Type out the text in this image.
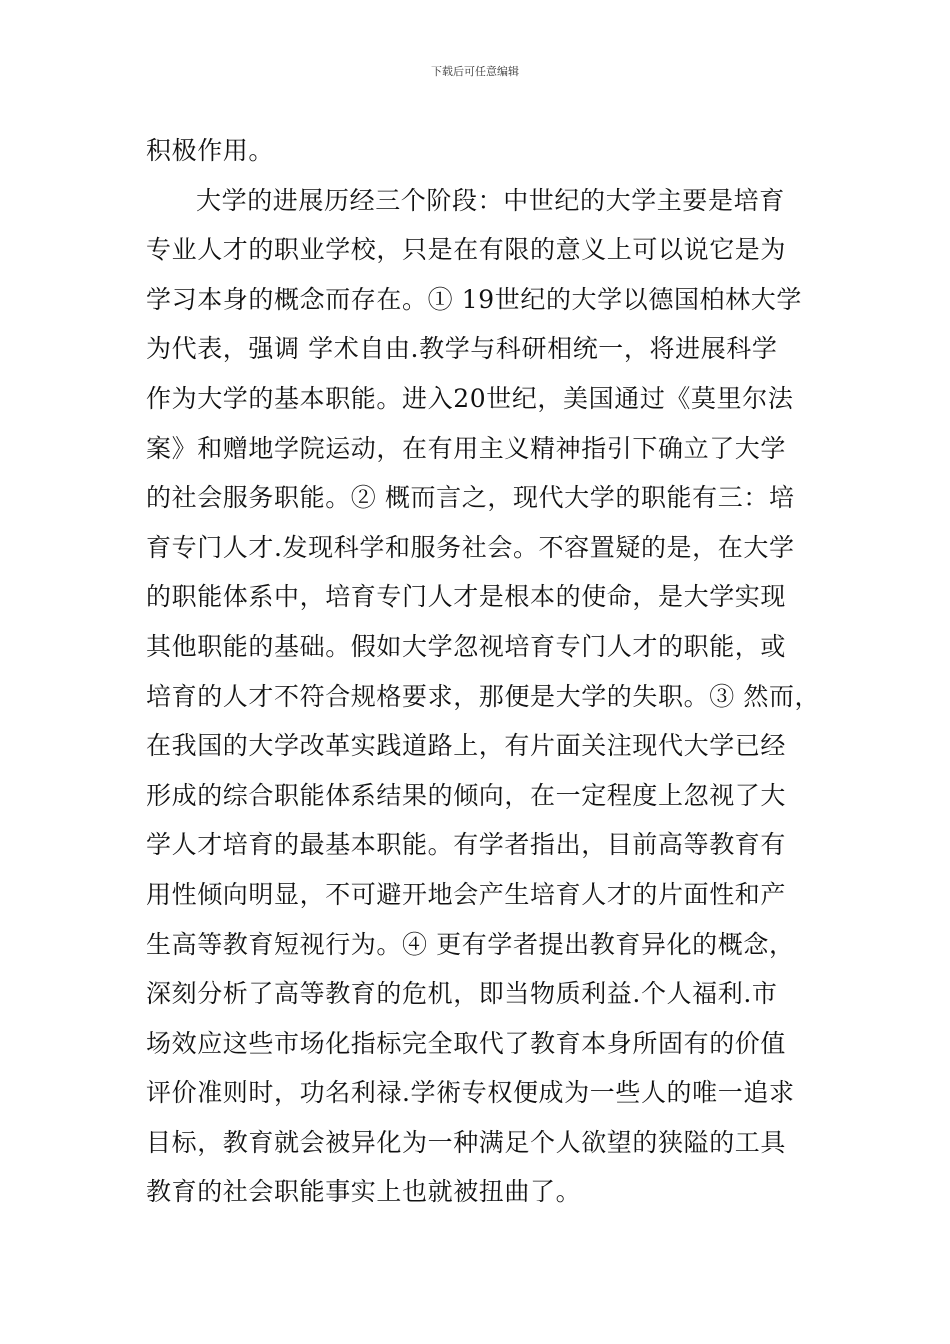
下载后可任意编辑
积极作用。
大学的进展历经三个阶段：中世纪的大学主要是培育
专业人才的职业学校，只是在有限的意义上可以说它是为
学习本身的概念而存在。① 19世纪的大学以德国柏林大学
为代表，强调 学术自由.教学与科研相统一，将进展科学
作为大学的基本职能。进入20世纪，美国通过《莫里尔法
案》和赠地学院运动，在有用主义精神指引下确立了大学
的社会服务职能。② 概而言之，现代大学的职能有三：培
育专门人才.发现科学和服务社会。不容置疑的是，在大学
的职能体系中，培育专门人才是根本的使命，是大学实现
其他职能的基础。假如大学忽视培育专门人才的职能，或
培育的人才不符合规格要求，那便是大学的失职。③ 然而，
在我国的大学改革实践道路上，有片面关注现代大学已经
形成的综合职能体系结果的倾向，在一定程度上忽视了大
学人才培育的最基本职能。有学者指出，目前高等教育有
用性倾向明显，不可避开地会产生培育人才的片面性和产
生高等教育短视行为。④ 更有学者提出教育异化的概念，
深刻分析了高等教育的危机，即当物质利益.个人福利.市
场效应这些市场化指标完全取代了教育本身所固有的价值
评价准则时，功名利禄.学術专权便成为一些人的唯一追求
目标，教育就会被异化为一种满足个人欲望的狭隘的工具
教育的社会职能事实上也就被扭曲了。
